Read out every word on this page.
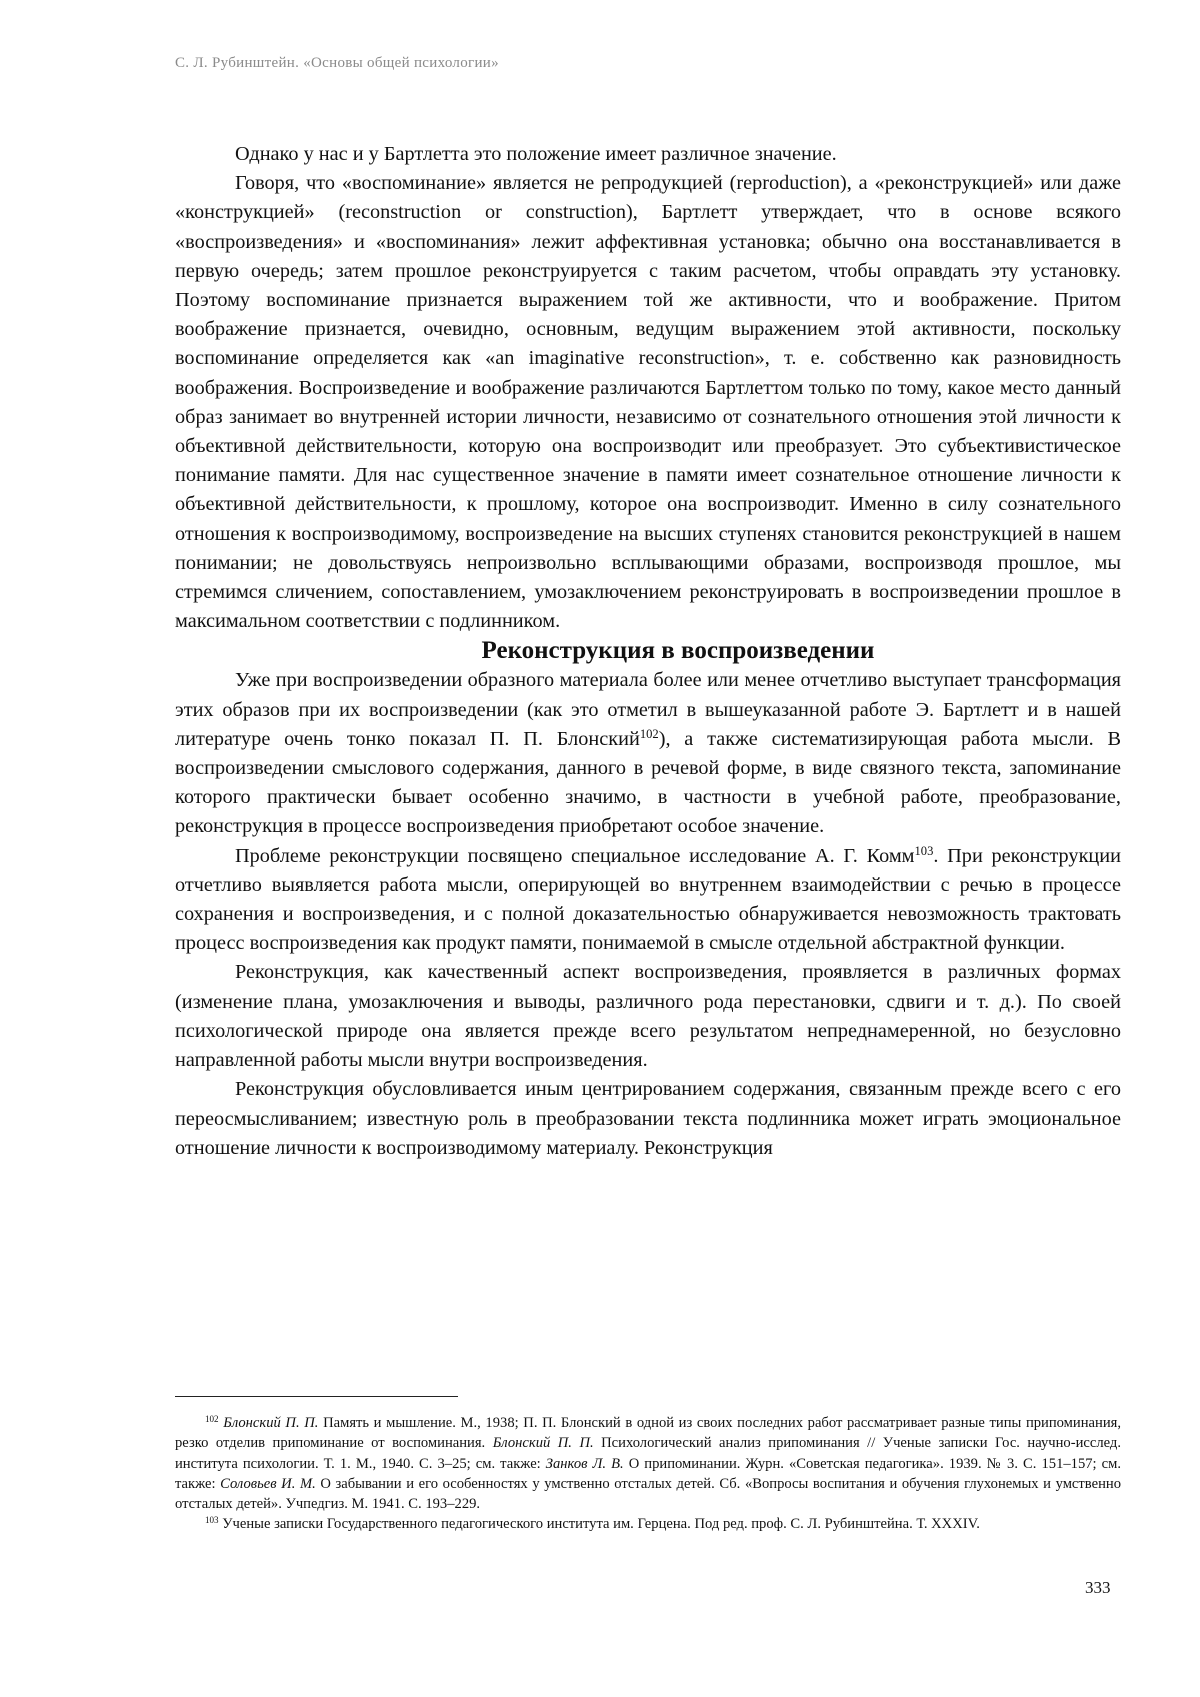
С. Л. Рубинштейн. «Основы общей психологии»

Однако у нас и у Бартлетта это положение имеет различное значение.

Говоря, что «воспоминание» является не репродукцией (reproduction), а «реконструкцией» или даже «конструкцией» (reconstruction or construction), Бартлетт утверждает, что в основе всякого «воспроизведения» и «воспоминания» лежит аффективная установка; обычно она восстанавливается в первую очередь; затем прошлое реконструируется с таким расчетом, чтобы оправдать эту установку. Поэтому воспоминание признается выражением той же активности, что и воображение. Притом воображение признается, очевидно, основным, ведущим выражением этой активности, поскольку воспоминание определяется как «an imaginative reconstruction», т. е. собственно как разновидность воображения. Воспроизведение и воображение различаются Бартлеттом только по тому, какое место данный образ занимает во внутренней истории личности, независимо от сознательного отношения этой личности к объективной действительности, которую она воспроизводит или преобразует. Это субъективистическое понимание памяти. Для нас существенное значение в памяти имеет сознательное отношение личности к объективной действительности, к прошлому, которое она воспроизводит. Именно в силу сознательного отношения к воспроизводимому, воспроизведение на высших ступенях становится реконструкцией в нашем понимании; не довольствуясь непроизвольно всплывающими образами, воспроизводя прошлое, мы стремимся сличением, сопоставлением, умозаключением реконструировать в воспроизведении прошлое в максимальном соответствии с подлинником.

Реконструкция в воспроизведении

Уже при воспроизведении образного материала более или менее отчетливо выступает трансформация этих образов при их воспроизведении (как это отметил в вышеуказанной работе Э. Бартлетт и в нашей литературе очень тонко показал П. П. Блонский$^{102}$), а также систематизирующая работа мысли. В воспроизведении смыслового содержания, данного в речевой форме, в виде связного текста, запоминание которого практически бывает особенно значимо, в частности в учебной работе, преобразование, реконструкция в процессе воспроизведения приобретают особое значение.

Проблеме реконструкции посвящено специальное исследование А. Г. Комм$^{103}$. При реконструкции отчетливо выявляется работа мысли, оперирующей во внутреннем взаимодействии с речью в процессе сохранения и воспроизведения, и с полной доказательностью обнаруживается невозможность трактовать процесс воспроизведения как продукт памяти, понимаемой в смысле отдельной абстрактной функции.

Реконструкция, как качественный аспект воспроизведения, проявляется в различных формах (изменение плана, умозаключения и выводы, различного рода перестановки, сдвиги и т. д.). По своей психологической природе она является прежде всего результатом непреднамеренной, но безусловно направленной работы мысли внутри воспроизведения.

Реконструкция обусловливается иным центрированием содержания, связанным прежде всего с его переосмысливанием; известную роль в преобразовании текста подлинника может играть эмоциональное отношение личности к воспроизводимому материалу. Реконструкция

$^{102}$ Блонский П. П. Память и мышление. М., 1938; П. П. Блонский в одной из своих последних работ рассматривает разные типы припоминания, резко отделив припоминание от воспоминания. Блонский П. П. Психологический анализ припоминания // Ученые записки Гос. научно-исслед. института психологии. Т. 1. М., 1940. С. 3–25; см. также: Занков Л. В. О припоминании. Журн. «Советская педагогика». 1939. № 3. С. 151–157; см. также: Соловьев И. М. О забывании и его особенностях у умственно отсталых детей. Сб. «Вопросы воспитания и обучения глухонемых и умственно отсталых детей». Учпедгиз. М. 1941. С. 193–229.

$^{103}$ Ученые записки Государственного педагогического института им. Герцена. Под ред. проф. С. Л. Рубинштейна. Т. XXXIV.

333
